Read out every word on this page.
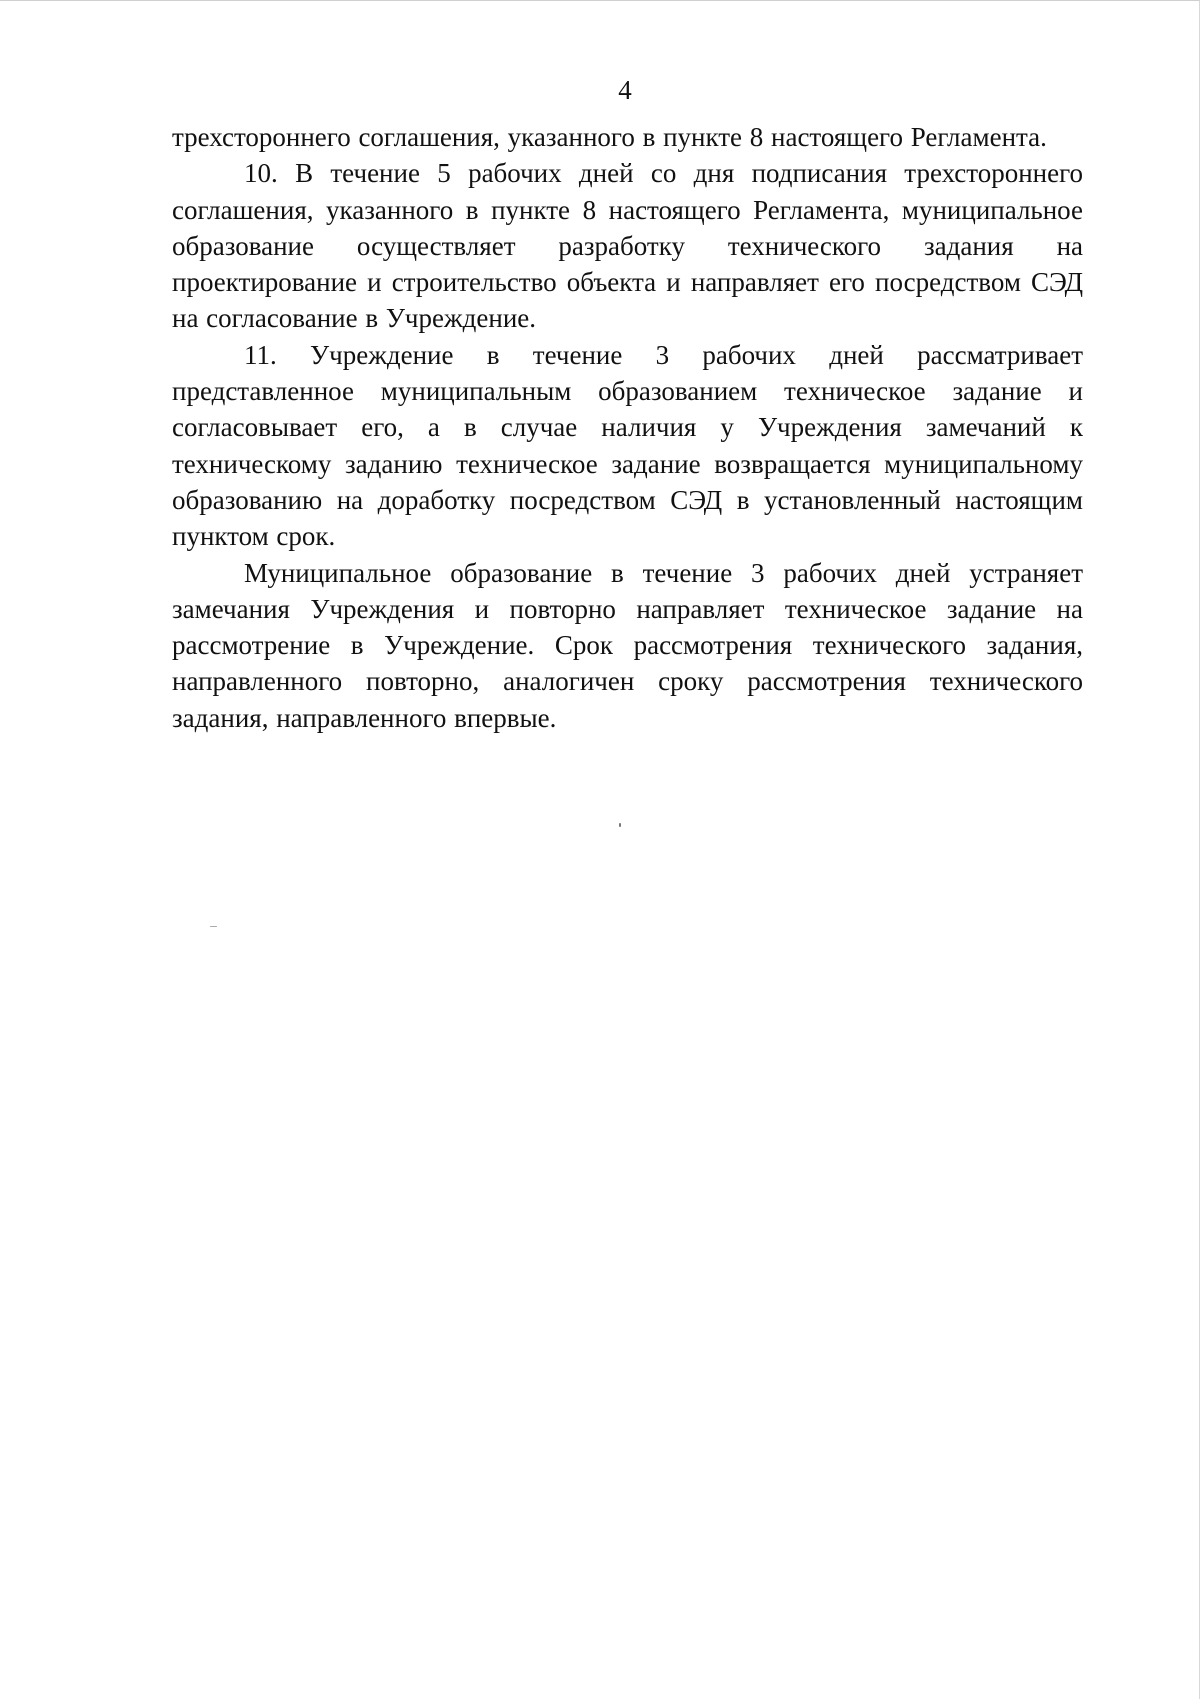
4

трехстороннего соглашения, указанного в пункте 8 настоящего Регламента.

10. В течение 5 рабочих дней со дня подписания трехстороннего соглашения, указанного в пункте 8 настоящего Регламента, муниципальное образование осуществляет разработку технического задания на проектирование и строительство объекта и направляет его посредством СЭД на согласование в Учреждение.

11. Учреждение в течение 3 рабочих дней рассматривает представленное муниципальным образованием техническое задание и согласовывает его, а в случае наличия у Учреждения замечаний к техническому заданию техническое задание возвращается муниципальному образованию на доработку посредством СЭД в установленный настоящим пунктом срок.

Муниципальное образование в течение 3 рабочих дней устраняет замечания Учреждения и повторно направляет техническое задание на рассмотрение в Учреждение. Срок рассмотрения технического задания, направленного повторно, аналогичен сроку рассмотрения технического задания, направленного впервые.
